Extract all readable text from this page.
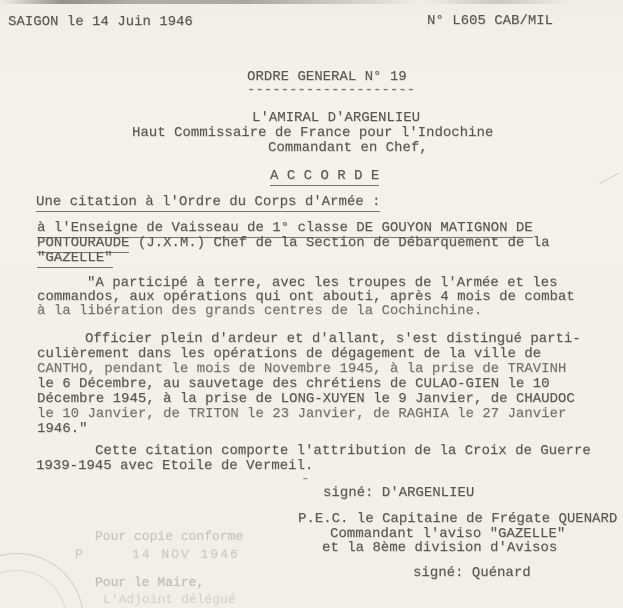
SAIGON le 14 Juin 1946	N° L605 CAB/MIL
ORDRE GENERAL N° 19
--------------------
L'AMIRAL D'ARGENLIEU
Haut Commissaire de France pour l'Indochine
Commandant en Chef,
A C C O R D E
Une citation à l'Ordre du Corps d'Armée :
à l'Enseigne de Vaisseau de 1° classe DE GOUYON MATIGNON DE
PONTOURAUDE (J.X.M.) Chef de la Section de Débarquement de la
"GAZELLE"
"A participé à terre, avec les troupes de l'Armée et les
commandos, aux opérations qui ont abouti, après 4 mois de combat
à la libération des grands centres de la Cochinchine.
Officier plein d'ardeur et d'allant, s'est distingué parti-
culièrement dans les opérations de dégagement de la ville de
CANTHO, pendant le mois de Novembre 1945, à la prise de TRAVINH
le 6 Décembre, au sauvetage des chrétiens de CULAO-GIEN le 10
Décembre 1945, à la prise de LONG-XUYEN le 9 Janvier, de CHAUDOC
le 10 Janvier, de TRITON le 23 Janvier, de RAGHIA le 27 Janvier
1946."
Cette citation comporte l'attribution de la Croix de Guerre
1939-1945 avec Etoile de Vermeil.
-
signé: D'ARGENLIEU
P.E.C. le Capitaine de Frégate QUENARD
Commandant l'aviso "GAZELLE"
et la 8ème division d'Avisos
signé: Quénard
Pour copie conforme
P	14 NOV 1946
Pour le Maire,
L'Adjoint délégué
